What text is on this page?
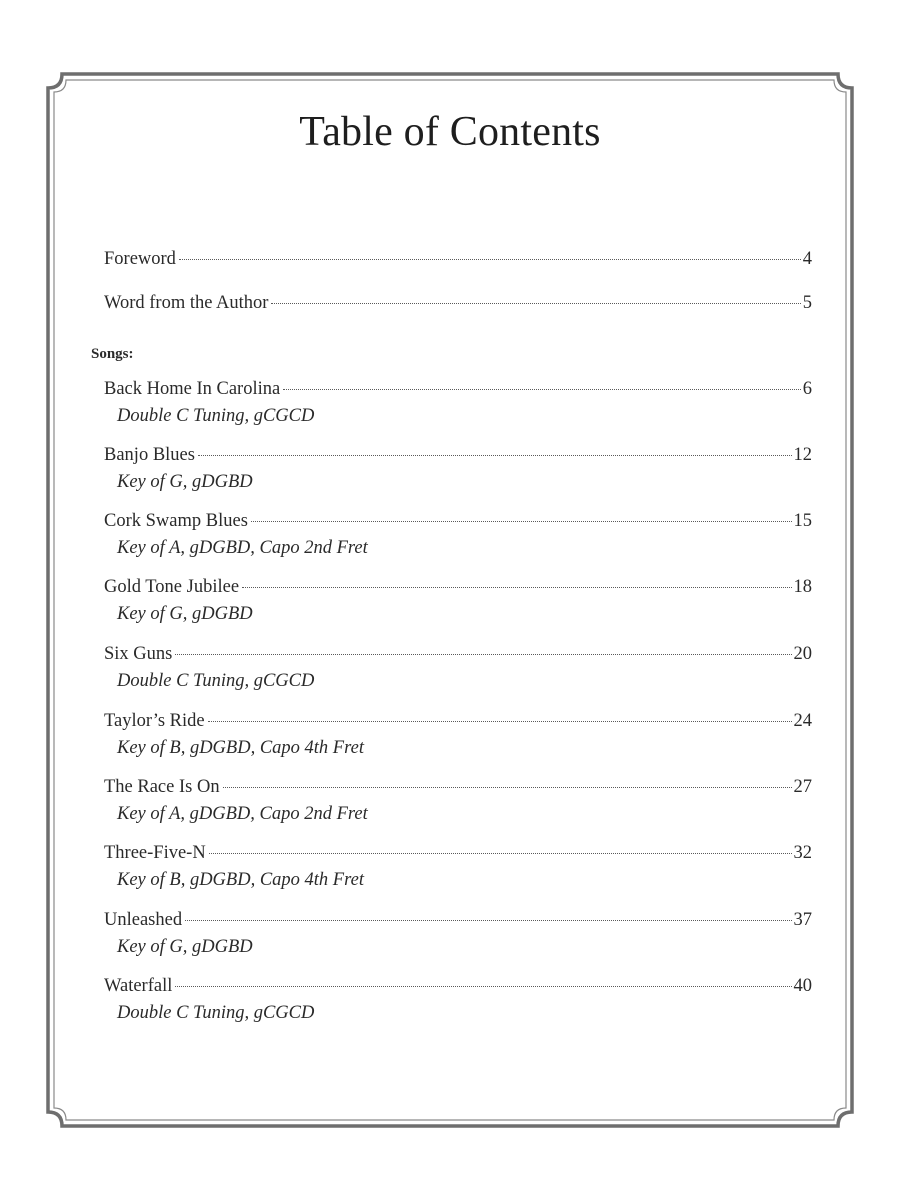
Table of Contents
Foreword	4
Word from the Author	5
Songs:
Back Home In Carolina	6
Double C Tuning, gCGCD
Banjo Blues	12
Key of G, gDGBD
Cork Swamp Blues	15
Key of A, gDGBD, Capo 2nd Fret
Gold Tone Jubilee	18
Key of G, gDGBD
Six Guns	20
Double C Tuning, gCGCD
Taylor’s Ride	24
Key of B, gDGBD, Capo 4th Fret
The Race Is On	27
Key of A, gDGBD, Capo 2nd Fret
Three-Five-N	32
Key of B, gDGBD, Capo 4th Fret
Unleashed	37
Key of G, gDGBD
Waterfall	40
Double C Tuning, gCGCD
